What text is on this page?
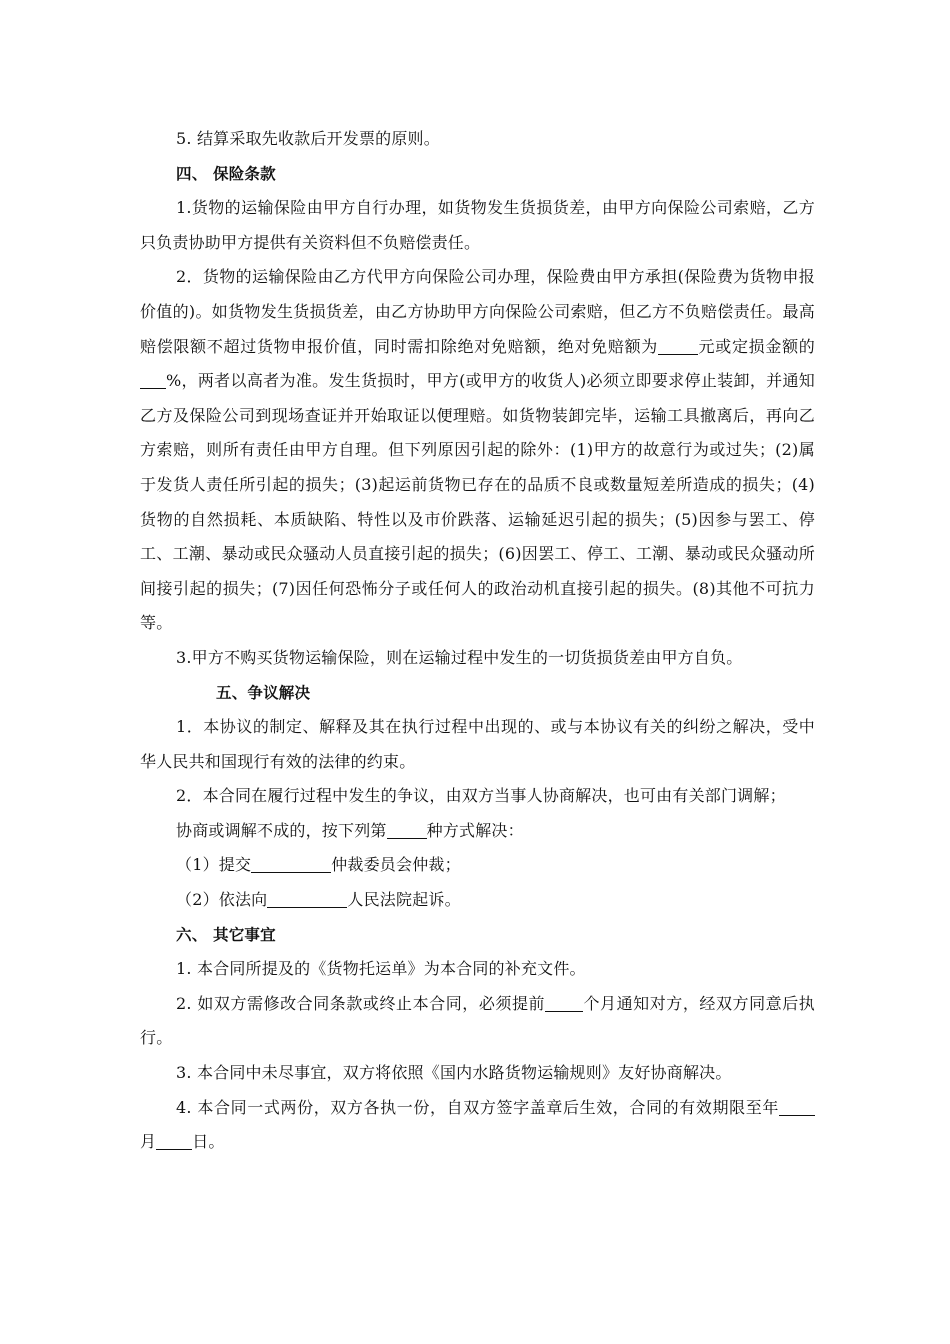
5. 结算采取先收款后开发票的原则。

四、 保险条款

1.货物的运输保险由甲方自行办理，如货物发生货损货差，由甲方向保险公司索赔，乙方只负责协助甲方提供有关资料但不负赔偿责任。

2．货物的运输保险由乙方代甲方向保险公司办理，保险费由甲方承担(保险费为货物申报价值的)。如货物发生货损货差，由乙方协助甲方向保险公司索赔，但乙方不负赔偿责任。最高赔偿限额不超过货物申报价值，同时需扣除绝对免赔额，绝对免赔额为	元或定损金额的%，两者以高者为准。发生货损时，甲方(或甲方的收货人)必须立即要求停止装卸，并通知乙方及保险公司到现场查证并开始取证以便理赔。如货物装卸完毕，运输工具撤离后，再向乙方索赔，则所有责任由甲方自理。但下列原因引起的除外：(1)甲方的故意行为或过失；(2)属于发货人责任所引起的损失；(3)起运前货物已存在的品质不良或数量短差所造成的损失；(4)货物的自然损耗、本质缺陷、特性以及市价跌落、运输延迟引起的损失；(5)因参与罢工、停工、工潮、暴动或民众骚动人员直接引起的损失；(6)因罢工、停工、工潮、暴动或民众骚动所间接引起的损失；(7)因任何恐怖分子或任何人的政治动机直接引起的损失。(8)其他不可抗力等。

3.甲方不购买货物运输保险，则在运输过程中发生的一切货损货差由甲方自负。

五、争议解决

1．本协议的制定、解释及其在执行过程中出现的、或与本协议有关的纠纷之解决，受中华人民共和国现行有效的法律的约束。

2．本合同在履行过程中发生的争议，由双方当事人协商解决，也可由有关部门调解；

协商或调解不成的，按下列第	种方式解决：

（1）提交	仲裁委员会仲裁；

（2）依法向	人民法院起诉。

六、 其它事宜

1. 本合同所提及的《货物托运单》为本合同的补充文件。

2. 如双方需修改合同条款或终止本合同，必须提前 个月通知对方，经双方同意后执行。

3. 本合同中未尽事宜，双方将依照《国内水路货物运输规则》友好协商解决。

4. 本合同一式两份，双方各执一份，自双方签字盖章后生效，合同的有效期限至年月 日。
